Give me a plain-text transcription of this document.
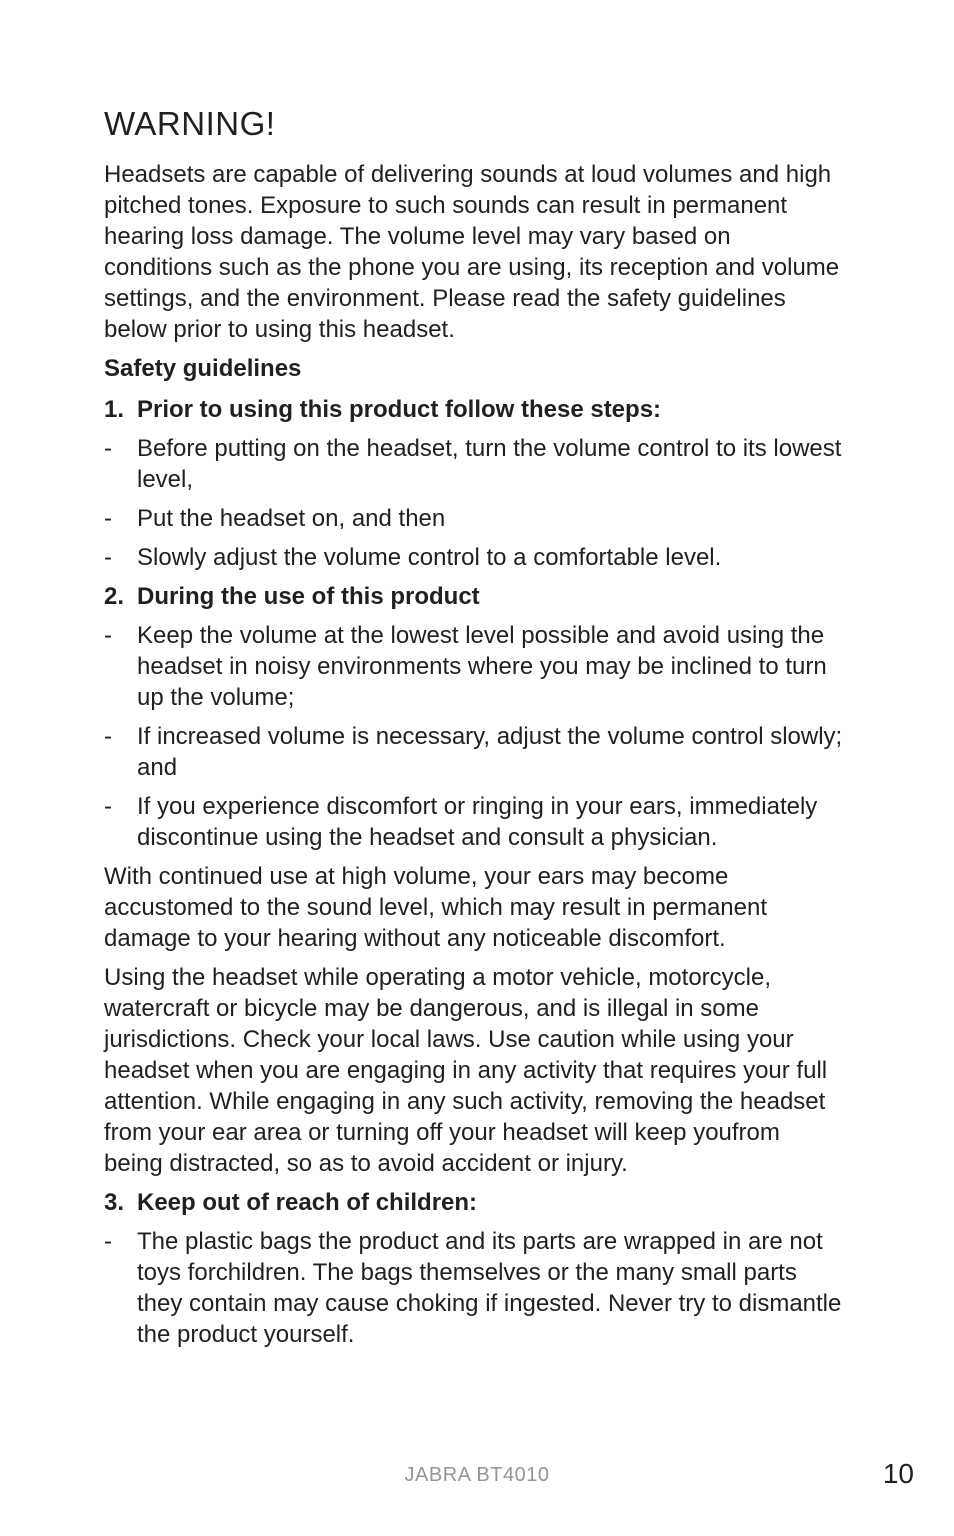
WARNING!

Headsets are capable of delivering sounds at loud volumes and high pitched tones. Exposure to such sounds can result in permanent hearing loss damage. The volume level may vary based on conditions such as the phone you are using, its reception and volume settings, and the environment. Please read the safety guidelines below prior to using this headset.

Safety guidelines
1. Prior to using this product follow these steps:
-	Before putting on the headset, turn the volume control to its lowest level,
-	Put the headset on, and then
-	Slowly adjust the volume control to a comfortable level.
2. During the use of this product
-	Keep the volume at the lowest level possible and avoid using the headset in noisy environments where you may be inclined to turn up the volume;
-	If increased volume is necessary, adjust the volume control slowly; and
-	If you experience discomfort or ringing in your ears, immediately discontinue using the headset and consult a physician.

With continued use at high volume, your ears may become accustomed to the sound level, which may result in permanent damage to your hearing without any noticeable discomfort.

Using the headset while operating a motor vehicle, motorcycle, watercraft or bicycle may be dangerous, and is illegal in some jurisdictions. Check your local laws. Use caution while using your headset when you are engaging in any activity that requires your full attention. While engaging in any such activity, removing the headset from your ear area or turning off your headset will keep youfrom being distracted, so as to avoid accident or injury.

3. Keep out of reach of children:
-	The plastic bags the product and its parts are wrapped in are not toys forchildren. The bags themselves or the many small parts they contain may cause choking if ingested. Never try to dismantle the product yourself.
JABRA BT4010	10
